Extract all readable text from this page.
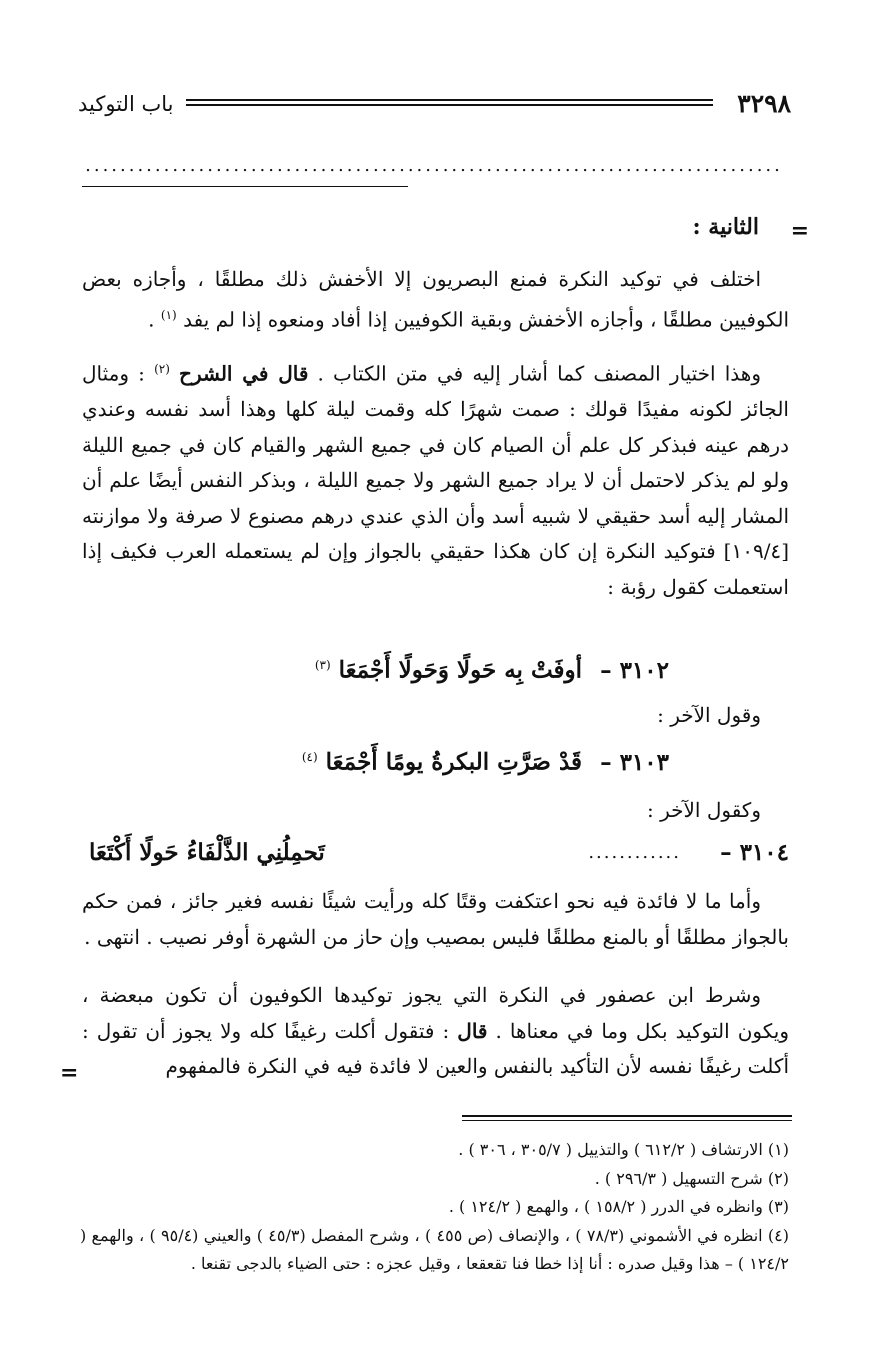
٣٢٩٨
باب التوكيد
................................................................................
=
الثانية :

اختلف في توكيد النكرة فمنع البصريون إلا الأخفش ذلك مطلقًا ، وأجازه بعض الكوفيين مطلقًا ، وأجازه الأخفش وبقية الكوفيين إذا أفاد ومنعوه إذا لم يفد $^{(١)}$ .

وهذا اختيار المصنف كما أشار إليه في متن الكتاب . قال في الشرح $^{(٢)}$ : ومثال الجائز لكونه مفيدًا قولك : صمت شهرًا كله وقمت ليلة كلها وهذا أسد نفسه وعندي درهم عينه فبذكر كل علم أن الصيام كان في جميع الشهر والقيام كان في جميع الليلة ولو لم يذكر لاحتمل أن لا يراد جميع الشهر ولا جميع الليلة ، وبذكر النفس أيضًا علم أن المشار إليه أسد حقيقي لا شبيه أسد وأن الذي عندي درهم مصنوع لا صرفة ولا موازنته [١٠٩/٤] فتوكيد النكرة إن كان هكذا حقيقي بالجواز وإن لم يستعمله العرب فكيف إذا استعملت كقول رؤبة :

٣١٠٢ – أوفَتْ بِه حَولًا وَحَولًا أَجْمَعَا $^{(٣)}$
وقول الآخر :
٣١٠٣ – قَدْ صَرَّتِ البكرةُ يومًا أَجْمَعَا $^{(٤)}$
وكقول الآخر :
٣١٠٤ –
............
تَحمِلُنِي الذَّلْفَاءُ حَولًا أَكْتَعَا

وأما ما لا فائدة فيه نحو اعتكفت وقتًا كله ورأيت شيئًا نفسه فغير جائز ، فمن حكم بالجواز مطلقًا أو بالمنع مطلقًا فليس بمصيب وإن حاز من الشهرة أوفر نصيب . انتهى .

وشرط ابن عصفور في النكرة التي يجوز توكيدها الكوفيون أن تكون مبعضة ، ويكون التوكيد بكل وما في معناها . قال : فتقول أكلت رغيفًا كله ولا يجوز أن تقول : أكلت رغيفًا نفسه لأن التأكيد بالنفس والعين لا فائدة فيه في النكرة فالمفهوم

=
(١) الارتشاف ( ٦١٢/٢ ) والتذييل ( ٣٠٥/٧ ، ٣٠٦ ) .
(٢) شرح التسهيل ( ٢٩٦/٣ ) .
(٣) وانظره في الدرر ( ١٥٨/٢ ) ، والهمع ( ١٢٤/٢ ) .
(٤) انظره في الأشموني (٧٨/٣ ) ، والإنصاف (ص ٤٥٥ ) ، وشرح المفصل (٤٥/٣ ) والعيني (٩٥/٤ ) ، والهمع ( ١٢٤/٢ ) – هذا وقيل صدره : أنا إذا خطا فنا تقعقعا ، وقيل عجزه : حتى الضياء بالدجى تقنعا .
